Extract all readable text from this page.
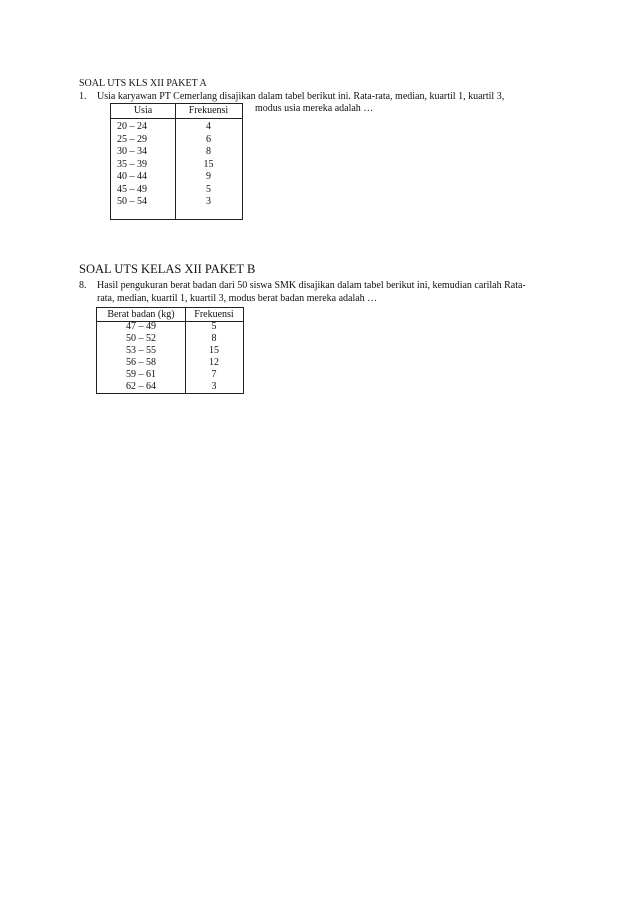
SOAL UTS KLS XII PAKET A
1. Usia karyawan PT Cemerlang disajikan dalam tabel berikut ini. Rata-rata, median, kuartil 1, kuartil 3,
modus usia mereka adalah …
Usia	Frekuensi
20 – 24	4
25 – 29	6
30 – 34	8
35 – 39	15
40 – 44	9
45 – 49	5
50 – 54	3
SOAL UTS KELAS XII PAKET B
8. Hasil pengukuran berat badan dari 50 siswa SMK disajikan dalam tabel berikut ini, kemudian carilah Rata-
rata, median, kuartil 1, kuartil 3, modus berat badan mereka adalah …
Berat badan (kg)	Frekuensi
47 – 49	5
50 – 52	8
53 – 55	15
56 – 58	12
59 – 61	7
62 – 64	3
